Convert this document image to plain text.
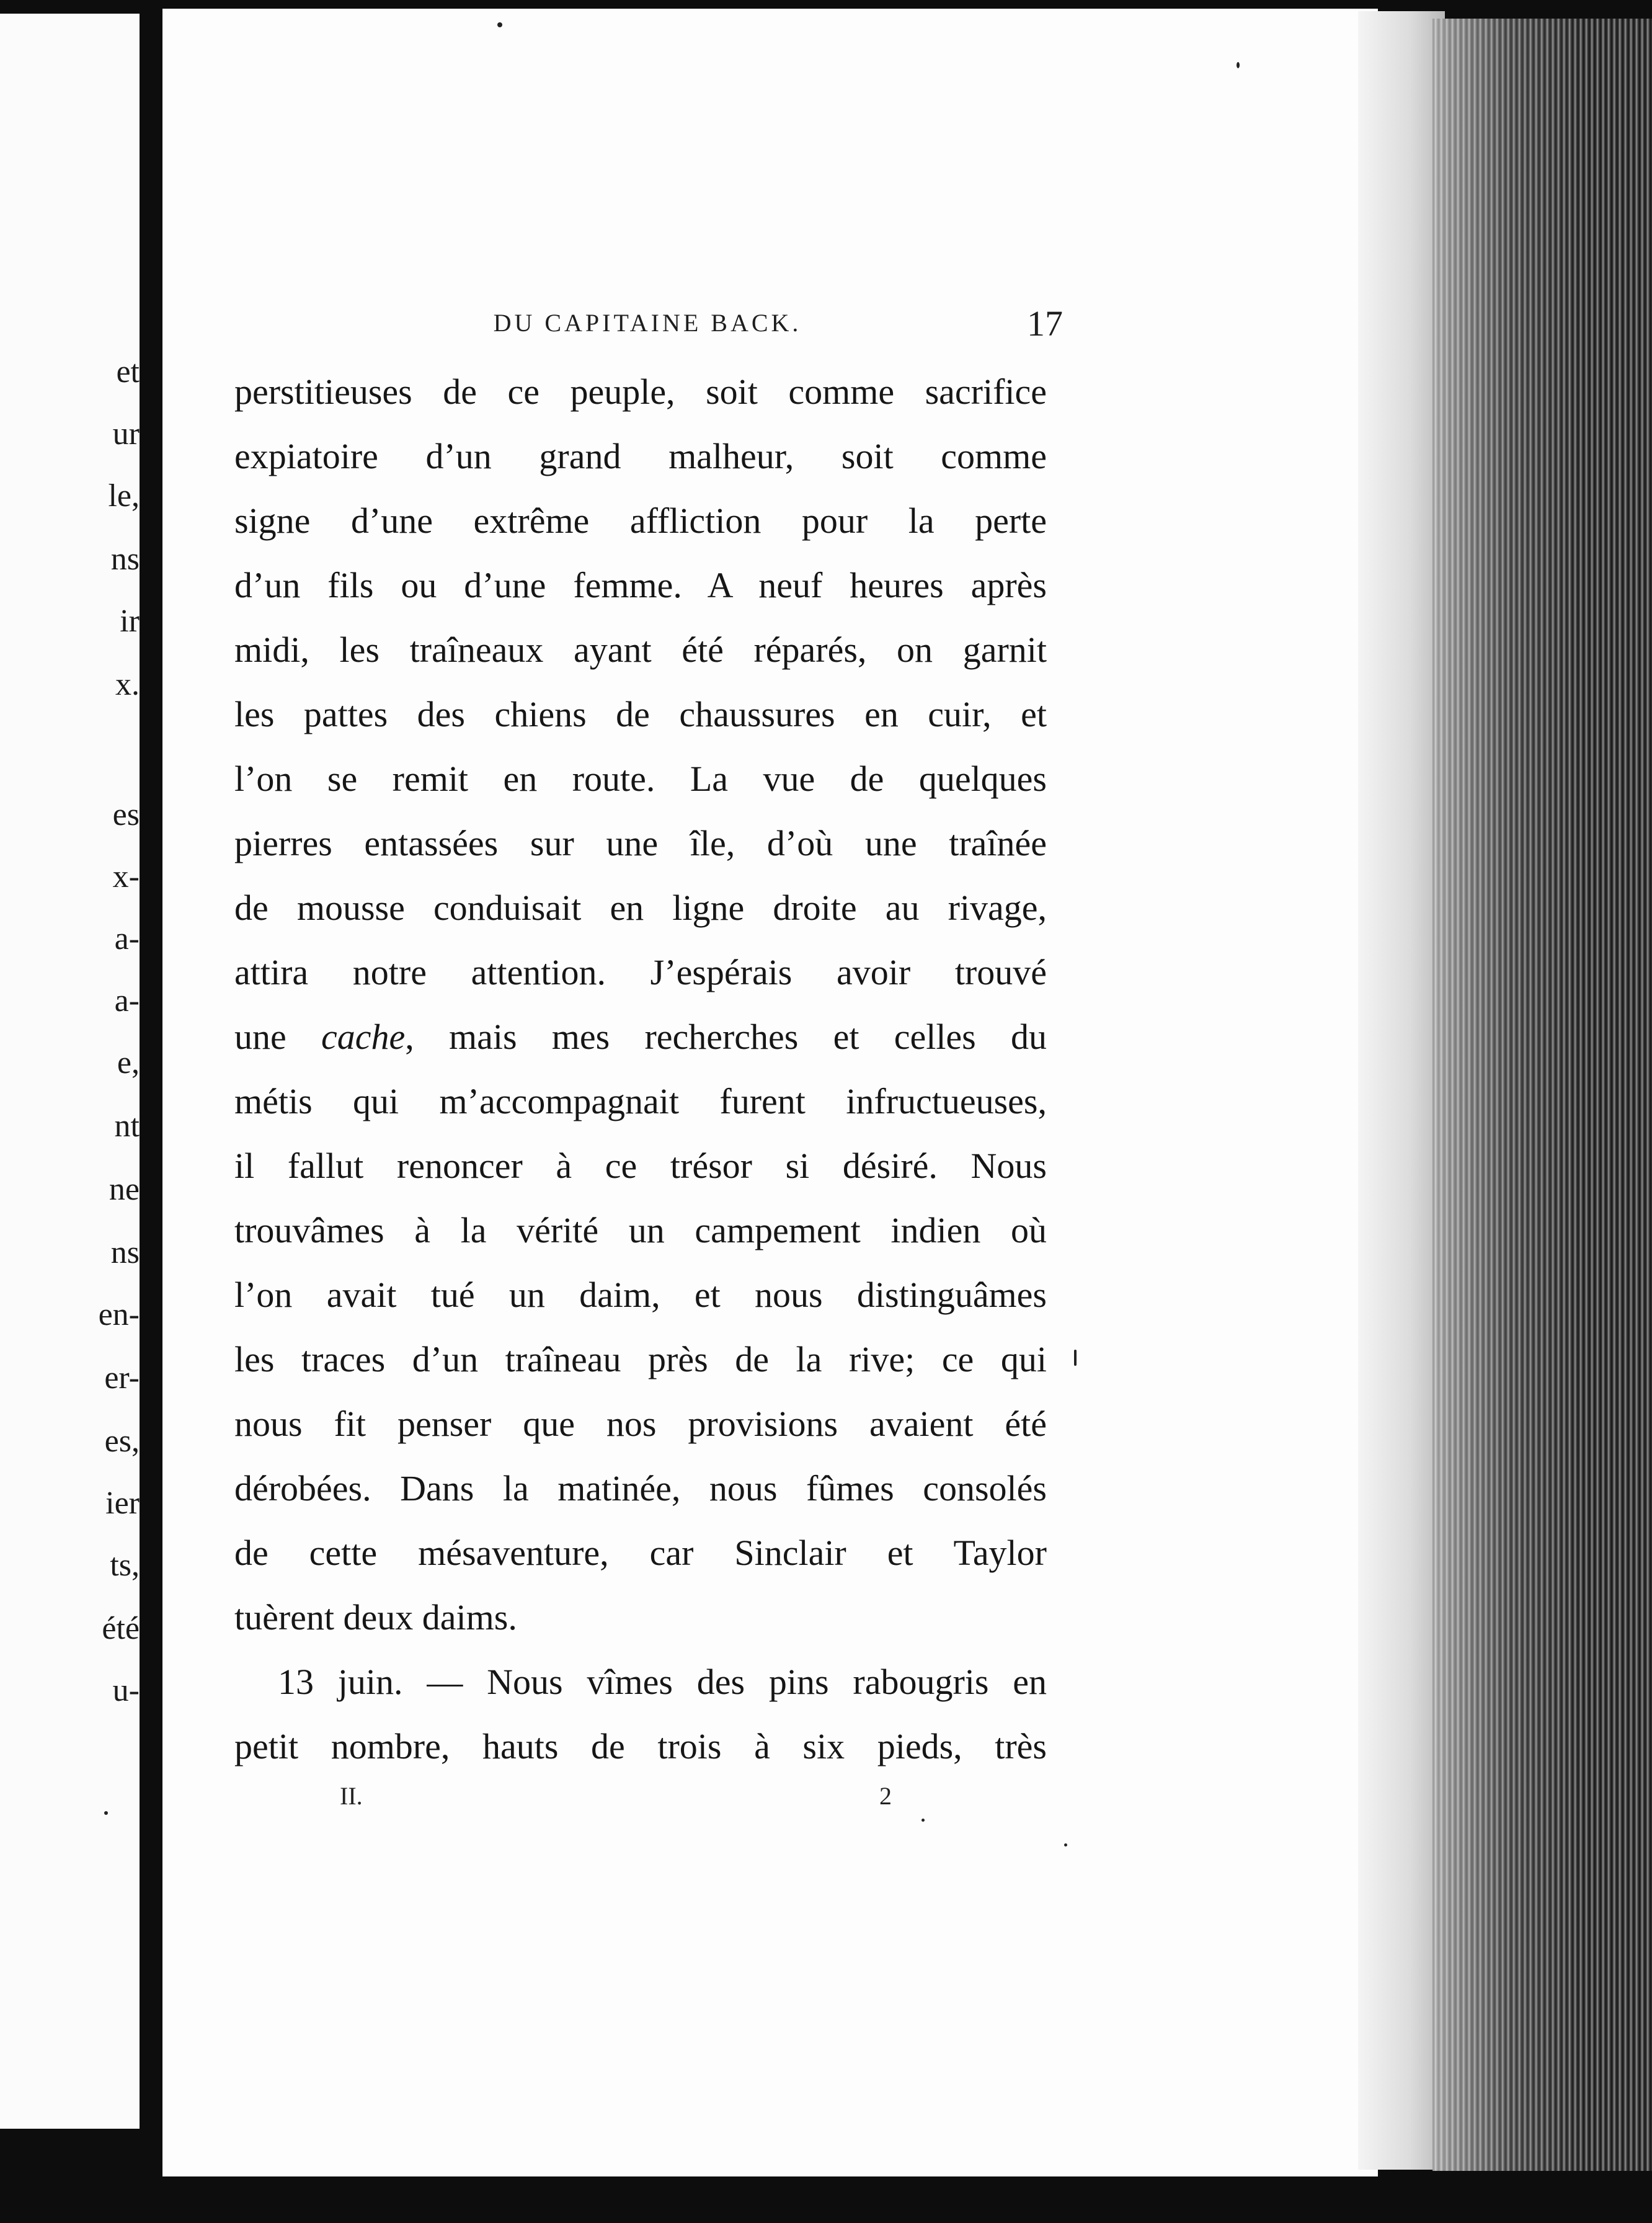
et
ur
le,
ns
ir
x.
es
x-
a-
a-
e,
nt
ne
ns
en-
er-
es,
ier
ts,
été
u-
DU CAPITAINE BACK.	17
perstitieuses de ce peuple, soit comme sacrifice
expiatoire d’un grand malheur, soit comme
signe d’une extrême affliction pour la perte
d’un fils ou d’une femme. A neuf heures après
midi, les traîneaux ayant été réparés, on garnit
les pattes des chiens de chaussures en cuir, et
l’on se remit en route. La vue de quelques
pierres entassées sur une île, d’où une traînée
de mousse conduisait en ligne droite au rivage,
attira notre attention. J’espérais avoir trouvé
une cache, mais mes recherches et celles du
métis qui m’accompagnait furent infructueuses,
il fallut renoncer à ce trésor si désiré. Nous
trouvâmes à la vérité un campement indien où
l’on avait tué un daim, et nous distinguâmes
les traces d’un traîneau près de la rive; ce qui
nous fit penser que nos provisions avaient été
dérobées. Dans la matinée, nous fûmes consolés
de cette mésaventure, car Sinclair et Taylor
tuèrent deux daims.
13 juin. — Nous vîmes des pins rabougris en
petit nombre, hauts de trois à six pieds, très
II.	2
